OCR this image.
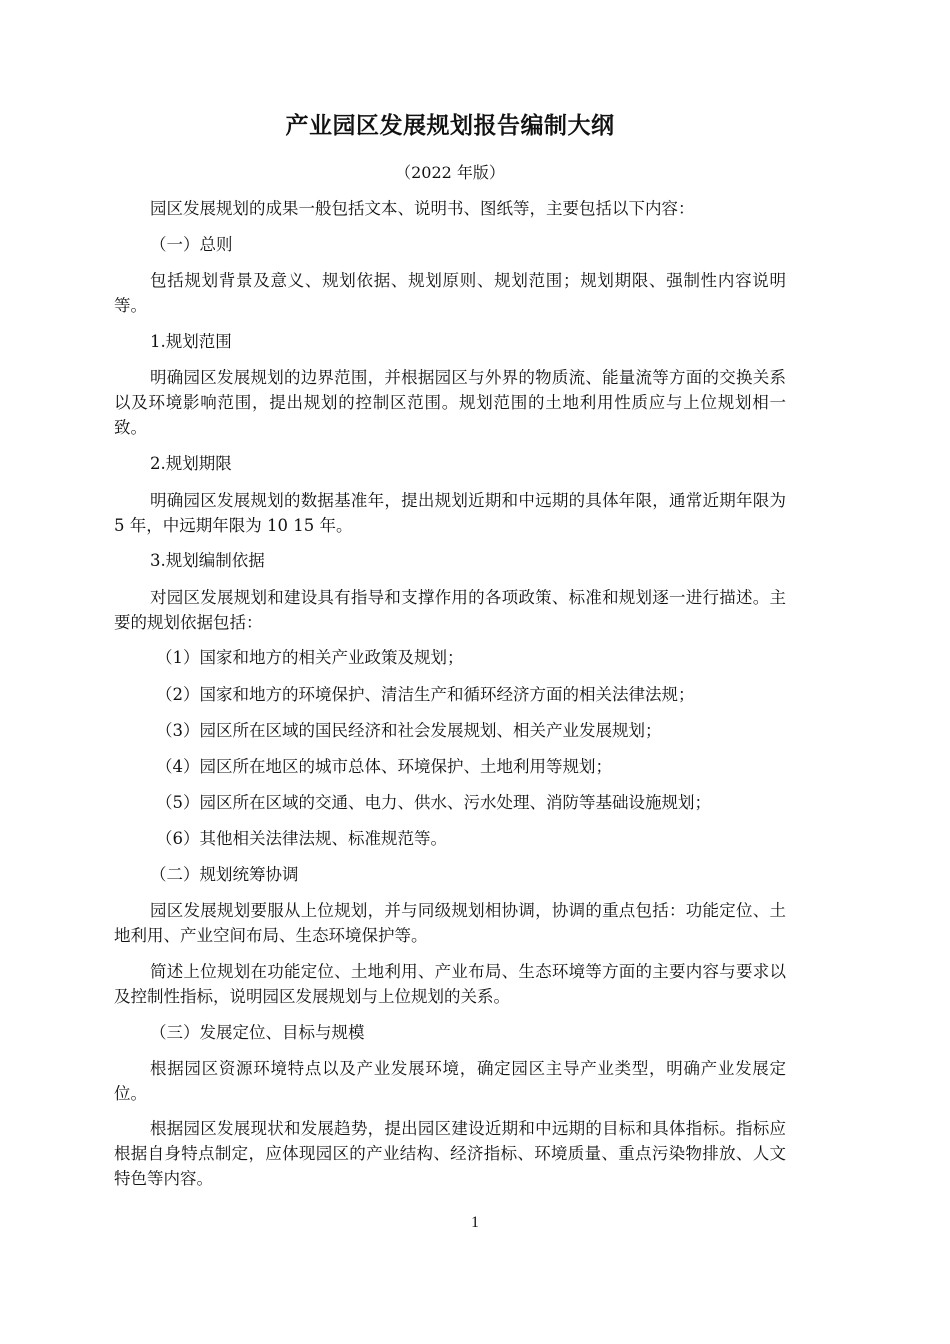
产业园区发展规划报告编制大纲
（2022 年版）

园区发展规划的成果一般包括文本、说明书、图纸等，主要包括以下内容：

（一）总则

包括规划背景及意义、规划依据、规划原则、规划范围；规划期限、强制性内容说明等。

1.规划范围

明确园区发展规划的边界范围，并根据园区与外界的物质流、能量流等方面的交换关系以及环境影响范围，提出规划的控制区范围。规划范围的土地利用性质应与上位规划相一致。

2.规划期限

明确园区发展规划的数据基准年，提出规划近期和中远期的具体年限，通常近期年限为 5 年，中远期年限为 10 15 年。

3.规划编制依据

对园区发展规划和建设具有指导和支撑作用的各项政策、标准和规划逐一进行描述。主要的规划依据包括：

（1）国家和地方的相关产业政策及规划；

（2）国家和地方的环境保护、清洁生产和循环经济方面的相关法律法规；

（3）园区所在区域的国民经济和社会发展规划、相关产业发展规划；

（4）园区所在地区的城市总体、环境保护、土地利用等规划；

（5）园区所在区域的交通、电力、供水、污水处理、消防等基础设施规划；

（6）其他相关法律法规、标准规范等。

（二）规划统筹协调

园区发展规划要服从上位规划，并与同级规划相协调，协调的重点包括：功能定位、土地利用、产业空间布局、生态环境保护等。

简述上位规划在功能定位、土地利用、产业布局、生态环境等方面的主要内容与要求以及控制性指标，说明园区发展规划与上位规划的关系。

（三）发展定位、目标与规模

根据园区资源环境特点以及产业发展环境，确定园区主导产业类型，明确产业发展定位。

根据园区发展现状和发展趋势，提出园区建设近期和中远期的目标和具体指标。指标应根据自身特点制定，应体现园区的产业结构、经济指标、环境质量、重点污染物排放、人文特色等内容。

1
